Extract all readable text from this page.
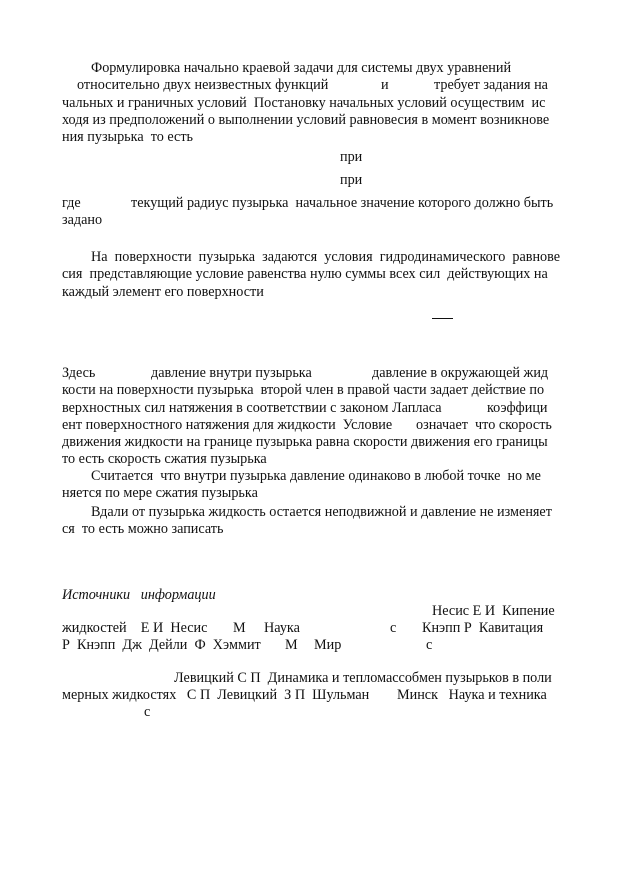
Формулировка начально краевой задачи для системы двух уравнений
относительно двух неизвестных функций	и	требует задания на
чальных и граничных условий  Постановку начальных условий осуществим  ис
ходя из предположений о выполнении условий равновесия в момент возникнове
ния пузырька  то есть
при
при
где	текущий радиус пузырька  начальное значение которого должно быть
задано
На  поверхности  пузырька  задаются  условия  гидродинамического  равнове
сия  представляющие условие равенства нулю суммы всех сил  действующих на
каждый элемент его поверхности
Здесь	давление внутри пузырька	давление в окружающей жид
кости на поверхности пузырька  второй член в правой части задает действие по
верхностных сил натяжения в соответствии с законом Лапласа	коэффици
ент поверхностного натяжения для жидкости  Условие означает  что скорость
движения жидкости на границе пузырька равна скорости движения его границы
то есть скорость сжатия пузырька
Считается  что внутри пузырька давление одинаково в любой точке  но ме
няется по мере сжатия пузырька
Вдали от пузырька жидкость остается неподвижной и давление не изменяет
ся  то есть можно записать
Источники   информации
Несис Е И  Кипение
жидкостей    Е И  Несис М Наука	с Кнэпп Р  Кавитация
Р  Кнэпп  Дж  Дейли  Ф  Хэммит М Мир	с
Левицкий С П  Динамика и тепломассобмен пузырьков в поли
мерных жидкостях   С П  Левицкий  З П  Шульман Минск   Наука и техника
с
